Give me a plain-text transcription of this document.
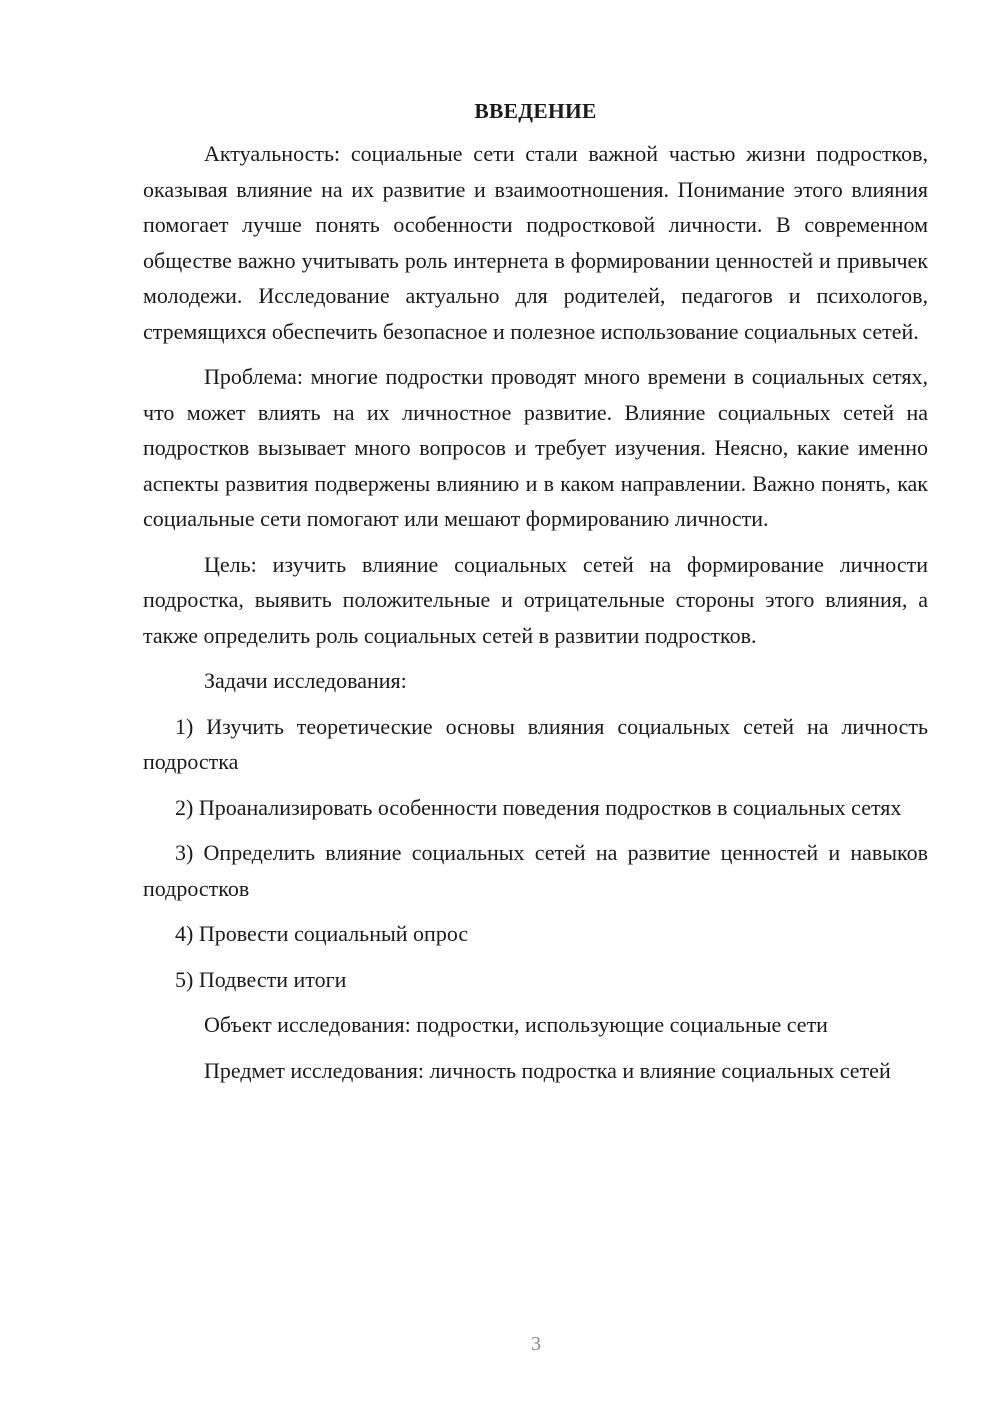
ВВЕДЕНИЕ

Актуальность: социальные сети стали важной частью жизни подростков, оказывая влияние на их развитие и взаимоотношения. Понимание этого влияния помогает лучше понять особенности подростковой личности. В современном обществе важно учитывать роль интернета в формировании ценностей и привычек молодежи. Исследование актуально для родителей, педагогов и психологов, стремящихся обеспечить безопасное и полезное использование социальных сетей.

Проблема: многие подростки проводят много времени в социальных сетях, что может влиять на их личностное развитие. Влияние социальных сетей на подростков вызывает много вопросов и требует изучения. Неясно, какие именно аспекты развития подвержены влиянию и в каком направлении. Важно понять, как социальные сети помогают или мешают формированию личности.

Цель: изучить влияние социальных сетей на формирование личности подростка, выявить положительные и отрицательные стороны этого влияния, а также определить роль социальных сетей в развитии подростков.

Задачи исследования:

1) Изучить теоретические основы влияния социальных сетей на личность подростка

2) Проанализировать особенности поведения подростков в социальных сетях

3) Определить влияние социальных сетей на развитие ценностей и навыков подростков

4) Провести социальный опрос

5) Подвести итоги

Объект исследования: подростки, использующие социальные сети

Предмет исследования: личность подростка и влияние социальных сетей

3
